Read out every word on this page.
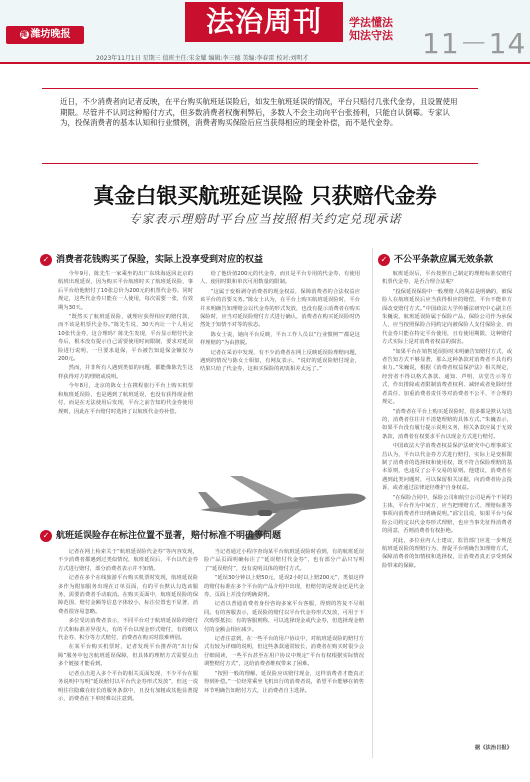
潍 潍坊晚报	法治周刊	学法懂法
知法守法 11－14
2023年11月1日 星期三 值班主任:宋金耀 编辑:李三德 美编:李春雷 校对:刘明才
近日，不少消费者向记者反映，在平台购买航班延误险后，如发生航班延误的情况，平台只赔付几张代金券，且设置使用期限。尽管并不认同这种赔付方式，但多数消费者权衡利弊后，多数人不会主动向平台张扬利，只能自认倒霉。专家认为，投保消费者的基本认知和行业惯例，消费者购买保险后应当获得相应的现金补偿，而不是代金券。
真金白银买航班延误险 只获赔代金券
专家表示理赔时平台应当按照相关约定兑现承诺
✓ 消费者花钱购买了保险，实际上没享受到对应的权益

今年9月，陈先生一家乘坐的出广东珠海返回北京的航班出现延误，因为购买平台航班时买了航班延误险，事后平台给他赔付了10张总价为200元的机票代金券。同时规定，这些代金券只能在一人使用，每次需要一张，有效期为30天。

“既然买了航班延误险，就理应获得相应的赔付款，而不该是机票代金券。”陈先生说，30天内让一个人用完10张代金券，这合理吗？陈先生发现，平台显示赔付代金券后，根本没有提示自己需要使用时间限制，要求对延误险进行说明，一旦要求退保，平台被告知退保金额仅为200元。

然而，并非所有人遇到类似的问题，都能像陈先生这样获得对方的理赔或说明。

今年8月，北京的陈女士在携程旅行平台上购买机票和航班延误险，也是遇到了航班延误，也没有获得现金赔付，而是在无法使用后发现，平台之前告知的代金券使用规则，因此在平台赔付时选择了以航班代金券补偿。

给了他价值200元的代金券，而且是平台专用的代金券，有使用人、使用时限和单次可用数量的限制。

“这属于变相剥夺消费者的现金权益，保障消费者的合法权益应该平台的首要义务。”陈女士认为，在平台上购买航班延误险时，平台并未明确告知理赔会以代金券的形式发放，也没有提示消费者在购买保险时，应当对延误险赔付方式进行确认，消费者在购买延误险时仍然处于知情不对等的状态。

陈女士说，她向平台反映，平台工作人员以“行业惯例”“都是这样理赔的”为由推脱。

记者在采访中发现，有不少消费者在网上反映延误险理赔问题，遇到的情况与陈女士相似，有网友表示，“说好的延误险赔付现金，结果只给了代金券，这和买保险的初衷相差太远了。”

✓ 不公平条款应属无效条款

航班延误后，平台按照自己制定的理赔标准仅赔付机票代金券，是否合理合法呢？

“投保延误保险中一般理赔人的利益是明确的，被保险人在航班延误后应当获得相应的赔偿，平台不能单方面改变赔付方式。”中国政法大学传播法研究中心副主任朱巍说，航班延误险属于保险产品，保险公司作为承保人，应当按照保险合同约定向被保险人支付保险金，而代金券只能在特定平台使用，且有使用期限，这种赔付方式实际上是对消费者权益的损害。

“如果平台在销售延误险时未明确告知赔付方式，或者告知方式不够显著，那么这种条款对消费者不具有约束力。”朱巍说，根据《消费者权益保护法》相关规定，经营者不得以格式条款、通知、声明、店堂告示等方式，作出排除或者限制消费者权利、减轻或者免除经营者责任、加重消费者责任等对消费者不公平、不合理的规定。

“消费者在平台上购买延误险时，很多都是默认勾选的，消费者往往并不清楚理赔的具体方式。”朱巍表示，如果平台没有履行提示说明义务，相关条款应属于无效条款，消费者有权要求平台以现金方式进行赔付。

中国政法大学消费者权益保护法研究中心理事邱宝昌认为，平台以代金券方式进行赔付，实际上是变相限制了消费者的选择权和使用权，既不符合保险理赔的基本原则，也违反了公平交易的原则。他建议，消费者在遇到此类问题时，可以保留相关证据，向消费者协会投诉，或者通过法律途径维护自身权益。

“在保险合同中，保险公司和航空公司是两个不同的主体，平台作为中间方，应当把理赔方式、理赔标准等事项向消费者作出明确说明。”邱宝昌说，如果平台与保险公司约定以代金券形式理赔，也应当事先征得消费者的同意，否则消费者有权拒绝。

对此，多位业内人士建议，监管部门应进一步规范航班延误险的理赔行为，督促平台明确告知理赔方式，保障消费者的知情权和选择权，让消费者真正享受到保险带来的保障。

据《法治日报》
✓ 航班延误险存在标注位置不显著，赔付标准不明确等问题

记者在网上检索关于“航班延误险代金券”等内容发现，不少消费者都遇到过类似情况，航班延误后，平台以代金券方式进行赔付，部分消费者表示并不知情。

记者在多个在线旅游平台购买机票时发现，航班延误险多作为附加服务出现在订单页面，有的平台默认勾选该服务，需要消费者手动取消。在购买页面中，航班延误险的保障范围、赔付金额等信息字体较小，标注位置也不显著，消费者很容易忽略。

多位受访消费者表示，不同平台对于航班延误险的赔付方式和标准差异很大，有的平台以现金形式赔付，有的则以代金券、积分等方式赔付，消费者在购买时很难辨别。

在某平台购买机票时，记者发现平台推荐的“出行保障”服务中包含航班延误保障，但具体的理赔方式需要点击多个链接才能看到。

记者点击进入多个平台的相关页面发现，不少平台在服务说明中写明“延误赔付以平台代金券形式发放”，但这一说明往往隐藏在较长的服务条款中，且没有加粗或其他显著提示，消费者在下单时难以注意到。

当记者通过小程序查询某平台航班延误险时看到，有的航班延误险产品页面明确标注了“延误赔付代金券”，也有部分产品只写明了“延误赔付”，没有说明具体的赔付方式。

“延误30分钟以上赔50元，延误2小时以上赔200元”，类似这样的赔付标准在多个平台的产品介绍中出现，但赔付的是现金还是代金券，页面上并没有明确说明。

记者以普通消费者身份咨询多家平台客服，得到的答复不尽相同。有的客服表示，延误险的赔付以平台代金券形式发放，可用于下次购票抵扣；有的客服则称，可以选择现金或代金券，但选择现金赔付的金额会相应减少。

记者注意到，在一些平台的用户协议中，对航班延误险的赔付方式有较为详细的说明，但这些条款通常较长，消费者在购买时很少会仔细阅读，一些平台甚至在用户协议中规定“平台有权根据实际情况调整赔付方式”，这给消费者维权带来了困难。

“按照一般的理解，延误险应该赔付现金，这样消费者才能真正得到补偿。”一位经常乘坐飞机出行的消费者说，希望平台能够在销售环节明确告知赔付方式，让消费者自主选择。
